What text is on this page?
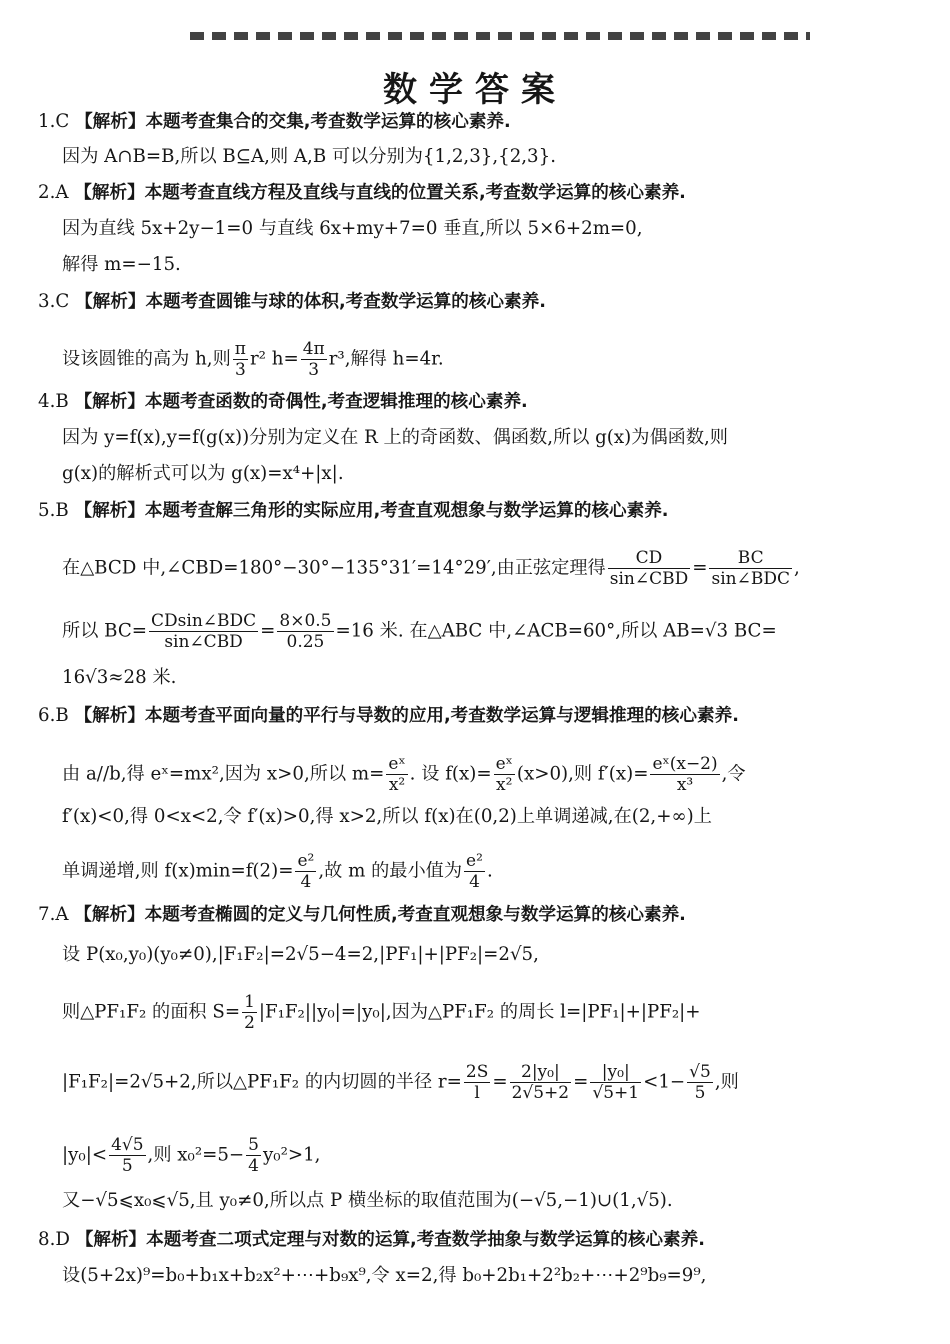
数学答案
1.C 【解析】本题考查集合的交集,考查数学运算的核心素养.
因为 A∩B=B,所以 B⊆A,则 A,B 可以分别为{1,2,3},{2,3}.
2.A 【解析】本题考查直线方程及直线与直线的位置关系,考查数学运算的核心素养.
因为直线 5x+2y−1=0 与直线 6x+my+7=0 垂直,所以 5×6+2m=0,
解得 m=−15.
3.C 【解析】本题考查圆锥与球的体积,考查数学运算的核心素养.
设该圆锥的高为 h,则 $\frac{\pi}{3} r^2$ $h= \frac{4\pi}{3} r^3$,解得 h=4r.
4.B 【解析】本题考查函数的奇偶性,考查逻辑推理的核心素养.
因为 y=f(x),y=f(g(x))分别为定义在 R 上的奇函数、偶函数,所以 g(x)为偶函数,则
g(x)的解析式可以为 g(x)=x⁴+|x|.
5.B 【解析】本题考查解三角形的实际应用,考查直观想象与数学运算的核心素养.
在△BCD 中,∠CBD=180°−30°−135°31′=14°29′,由正弦定理得 $\frac{CD}{\text{sin∠CBD}} = \frac{BC}{\text{sin∠BDC}}$ ,
所以 $BC= \frac{\text{CDsin∠BDC}}{\text{sin∠CBD}} = \frac{8\times 0.5}{0.25} =16$ 米. 在△ABC 中,∠ACB=60°,所以 AB=√3 BC=
16√3≈28 米.
6.B 【解析】本题考查平面向量的平行与导数的应用,考查数学运算与逻辑推理的核心素养.
由 a//b,得 eˣ=mx²,因为 x>0,所以 $m= \frac{\text{eˣ}}{\text{x²}}$ . 设 $f(x)= \frac{\text{eˣ}}{\text{x²}} (x>0)$,则 $f'(x)= \frac{\text{eˣ(x−2)}}{\text{x³}}$ ,令
f′(x)<0,得 0<x<2,令 f′(x)>0,得 x>2,所以 f(x)在(0,2)上单调递减,在(2,+∞)上
单调递增,则 $f(x)\min=f(2)= \frac{\text{e²}}{4}$ ,故 m 的最小值为 $\frac{\text{e²}}{4}$ .
7.A 【解析】本题考查椭圆的定义与几何性质,考查直观想象与数学运算的核心素养.
设 P(x₀,y₀)(y₀≠0),|F₁F₂|=2√5−4=2,|PF₁|+|PF₂|=2√5,
则△PF₁F₂ 的面积 $S= \frac{1}{2} |F_1F_2||y_0|=|y_0|$,因为△PF₁F₂ 的周长 l=|PF₁|+|PF₂|+
|F₁F₂|=2√5+2,所以△PF₁F₂ 的内切圆的半径 $r= \frac{2S}{l} = \frac{\text{2|y₀|}}{2√5+2} = \frac{\text{|y₀|}}{√5+1} <1- \frac{√5}{5}$ ,则
$|y_0|< \frac{4√5}{5}$ ,则 $x_0^2=5- \frac{5}{4} y_0^2>1$,
又−√5⩽x₀⩽√5,且 y₀≠0,所以点 P 横坐标的取值范围为(−√5,−1)∪(1,√5).
8.D 【解析】本题考查二项式定理与对数的运算,考查数学抽象与数学运算的核心素养.
设(5+2x)⁹=b₀+b₁x+b₂x²+⋯+b₉x⁹,令 x=2,得 b₀+2b₁+2²b₂+⋯+2⁹b₉=9⁹,
